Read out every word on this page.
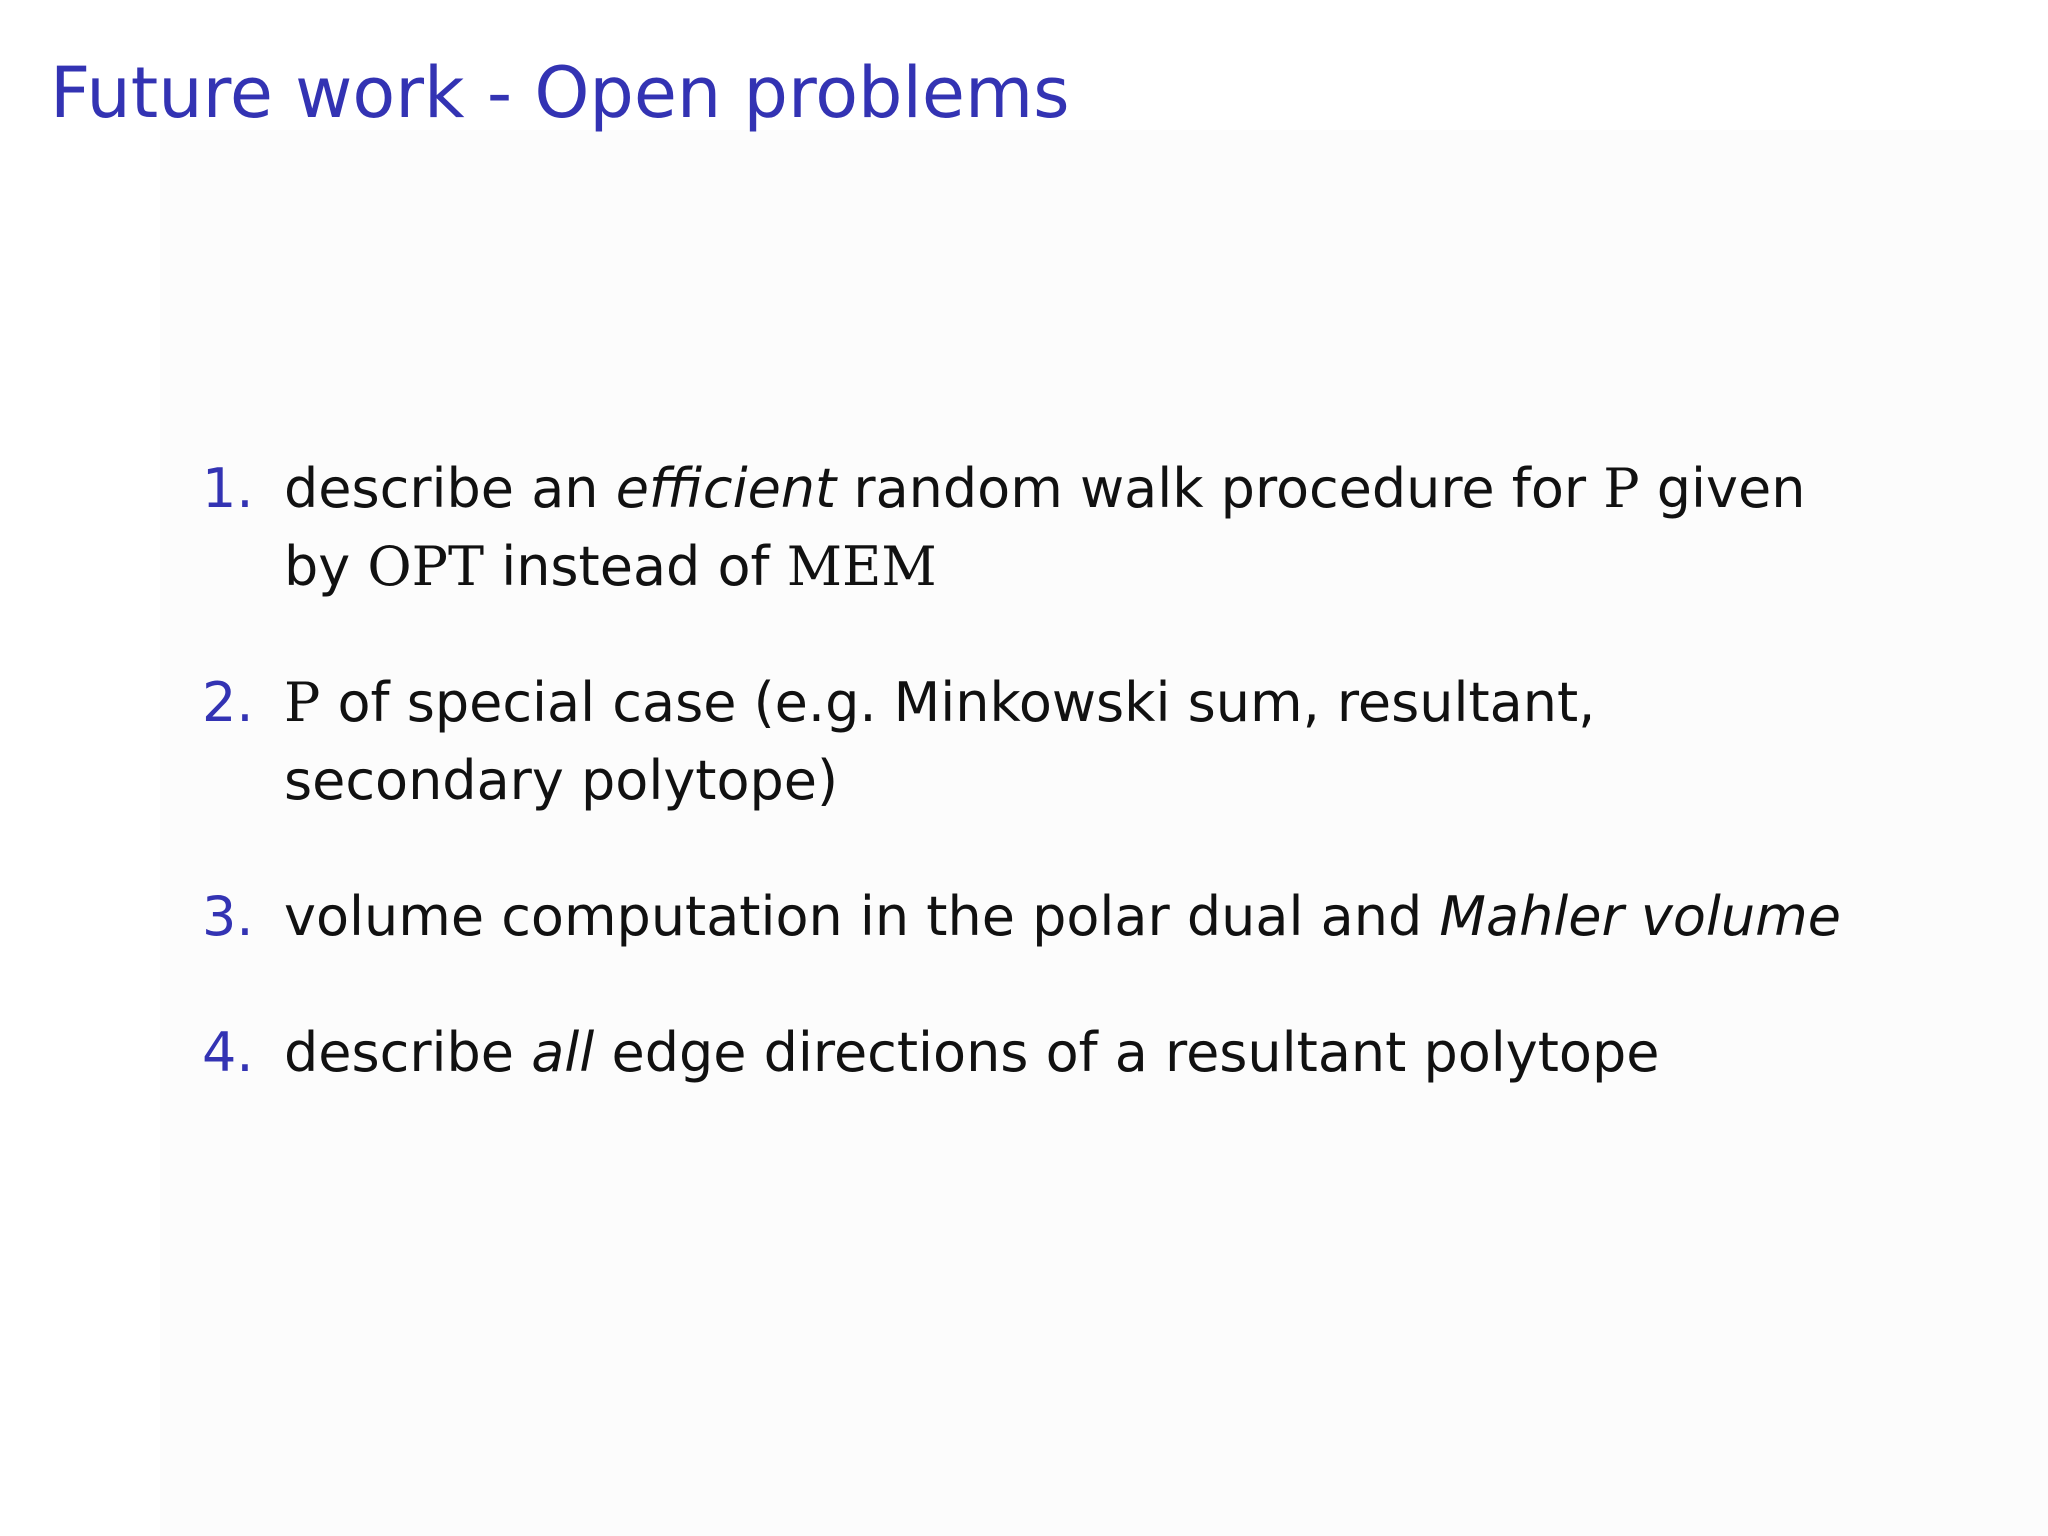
Future work - Open problems
1. describe an efficient random walk procedure for P given by OPT instead of MEM
2. P of special case (e.g. Minkowski sum, resultant, secondary polytope)
3. volume computation in the polar dual and Mahler volume
4. describe all edge directions of a resultant polytope
